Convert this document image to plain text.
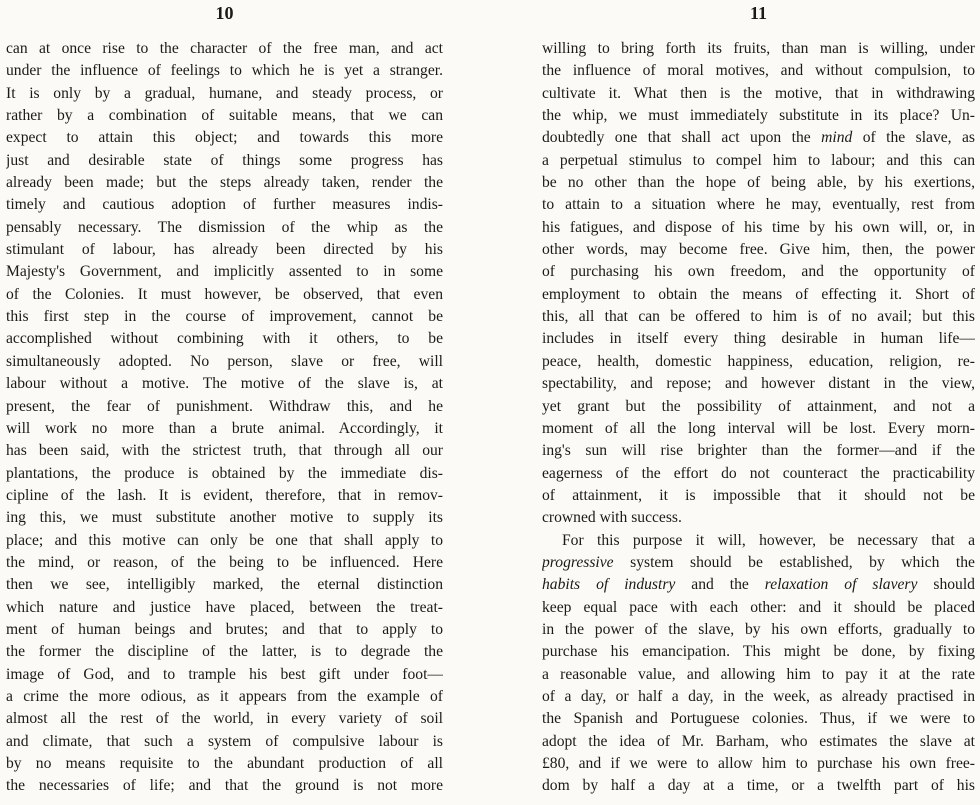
10
can at once rise to the character of the free man, and act
under the influence of feelings to which he is yet a stranger.
It is only by a gradual, humane, and steady process, or
rather by a combination of suitable means, that we can
expect to attain this object; and towards this more
just and desirable state of things some progress has
already been made; but the steps already taken, render the
timely and cautious adoption of further measures indis-
pensably necessary. The dismission of the whip as the
stimulant of labour, has already been directed by his
Majesty's Government, and implicitly assented to in some
of the Colonies. It must however, be observed, that even
this first step in the course of improvement, cannot be
accomplished without combining with it others, to be
simultaneously adopted. No person, slave or free, will
labour without a motive. The motive of the slave is, at
present, the fear of punishment. Withdraw this, and he
will work no more than a brute animal. Accordingly, it
has been said, with the strictest truth, that through all our
plantations, the produce is obtained by the immediate dis-
cipline of the lash. It is evident, therefore, that in remov-
ing this, we must substitute another motive to supply its
place; and this motive can only be one that shall apply to
the mind, or reason, of the being to be influenced. Here
then we see, intelligibly marked, the eternal distinction
which nature and justice have placed, between the treat-
ment of human beings and brutes; and that to apply to
the former the discipline of the latter, is to degrade the
image of God, and to trample his best gift under foot—
a crime the more odious, as it appears from the example of
almost all the rest of the world, in every variety of soil
and climate, that such a system of compulsive labour is
by no means requisite to the abundant production of all
the necessaries of life; and that the ground is not more
11
willing to bring forth its fruits, than man is willing, under
the influence of moral motives, and without compulsion, to
cultivate it. What then is the motive, that in withdrawing
the whip, we must immediately substitute in its place? Un-
doubtedly one that shall act upon the mind of the slave, as
a perpetual stimulus to compel him to labour; and this can
be no other than the hope of being able, by his exertions,
to attain to a situation where he may, eventually, rest from
his fatigues, and dispose of his time by his own will, or, in
other words, may become free. Give him, then, the power
of purchasing his own freedom, and the opportunity of
employment to obtain the means of effecting it. Short of
this, all that can be offered to him is of no avail; but this
includes in itself every thing desirable in human life—
peace, health, domestic happiness, education, religion, re-
spectability, and repose; and however distant in the view,
yet grant but the possibility of attainment, and not a
moment of all the long interval will be lost. Every morn-
ing's sun will rise brighter than the former—and if the
eagerness of the effort do not counteract the practicability
of attainment, it is impossible that it should not be
crowned with success.
For this purpose it will, however, be necessary that a
progressive system should be established, by which the
habits of industry and the relaxation of slavery should
keep equal pace with each other: and it should be placed
in the power of the slave, by his own efforts, gradually to
purchase his emancipation. This might be done, by fixing
a reasonable value, and allowing him to pay it at the rate
of a day, or half a day, in the week, as already practised in
the Spanish and Portuguese colonies. Thus, if we were to
adopt the idea of Mr. Barham, who estimates the slave at
£80, and if we were to allow him to purchase his own free-
dom by half a day at a time, or a twelfth part of his
